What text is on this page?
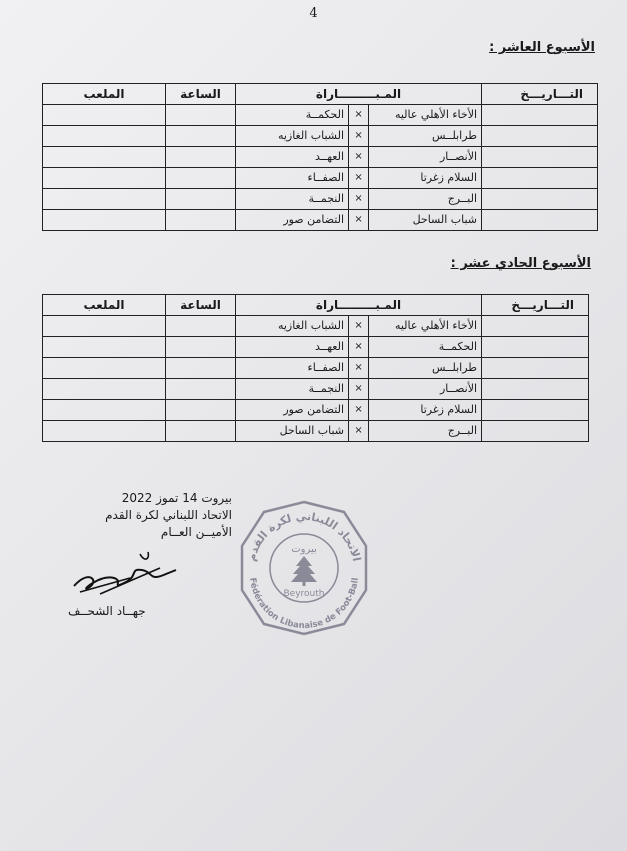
4
الأسبوع العاشر :
التـــاريـــخ	المـبـــــــــاراة			الساعة	الملعب
	الأخاء الأهلي عاليه	×	الحكمــة		
	طرابلــس	×	الشباب الغازيه		
	الأنصــار	×	العهــد		
	السلام زغرتا	×	الصفــاء		
	البــرج	×	النجمــة		
	شباب الساحل	×	التضامن صور		
الأسبوع الحادي عشر :
التـــاريـــخ	المـبـــــــــاراة			الساعة	الملعب
	الأخاء الأهلي عاليه	×	الشباب الغازيه		
	الحكمــة	×	العهــد		
	طرابلــس	×	الصفــاء		
	الأنصــار	×	النجمــة		
	السلام زغرتا	×	التضامن صور		
	البــرج	×	شباب الساحل		
الاتحاد اللبناني لكرة القدم
Fédération Libanaise de Foot-Ball
بيروت
Beyrouth
بيروت 14 تموز 2022
الاتحاد اللبناني لكرة القدم
الأميــن العــام
جهــاد الشحــف
